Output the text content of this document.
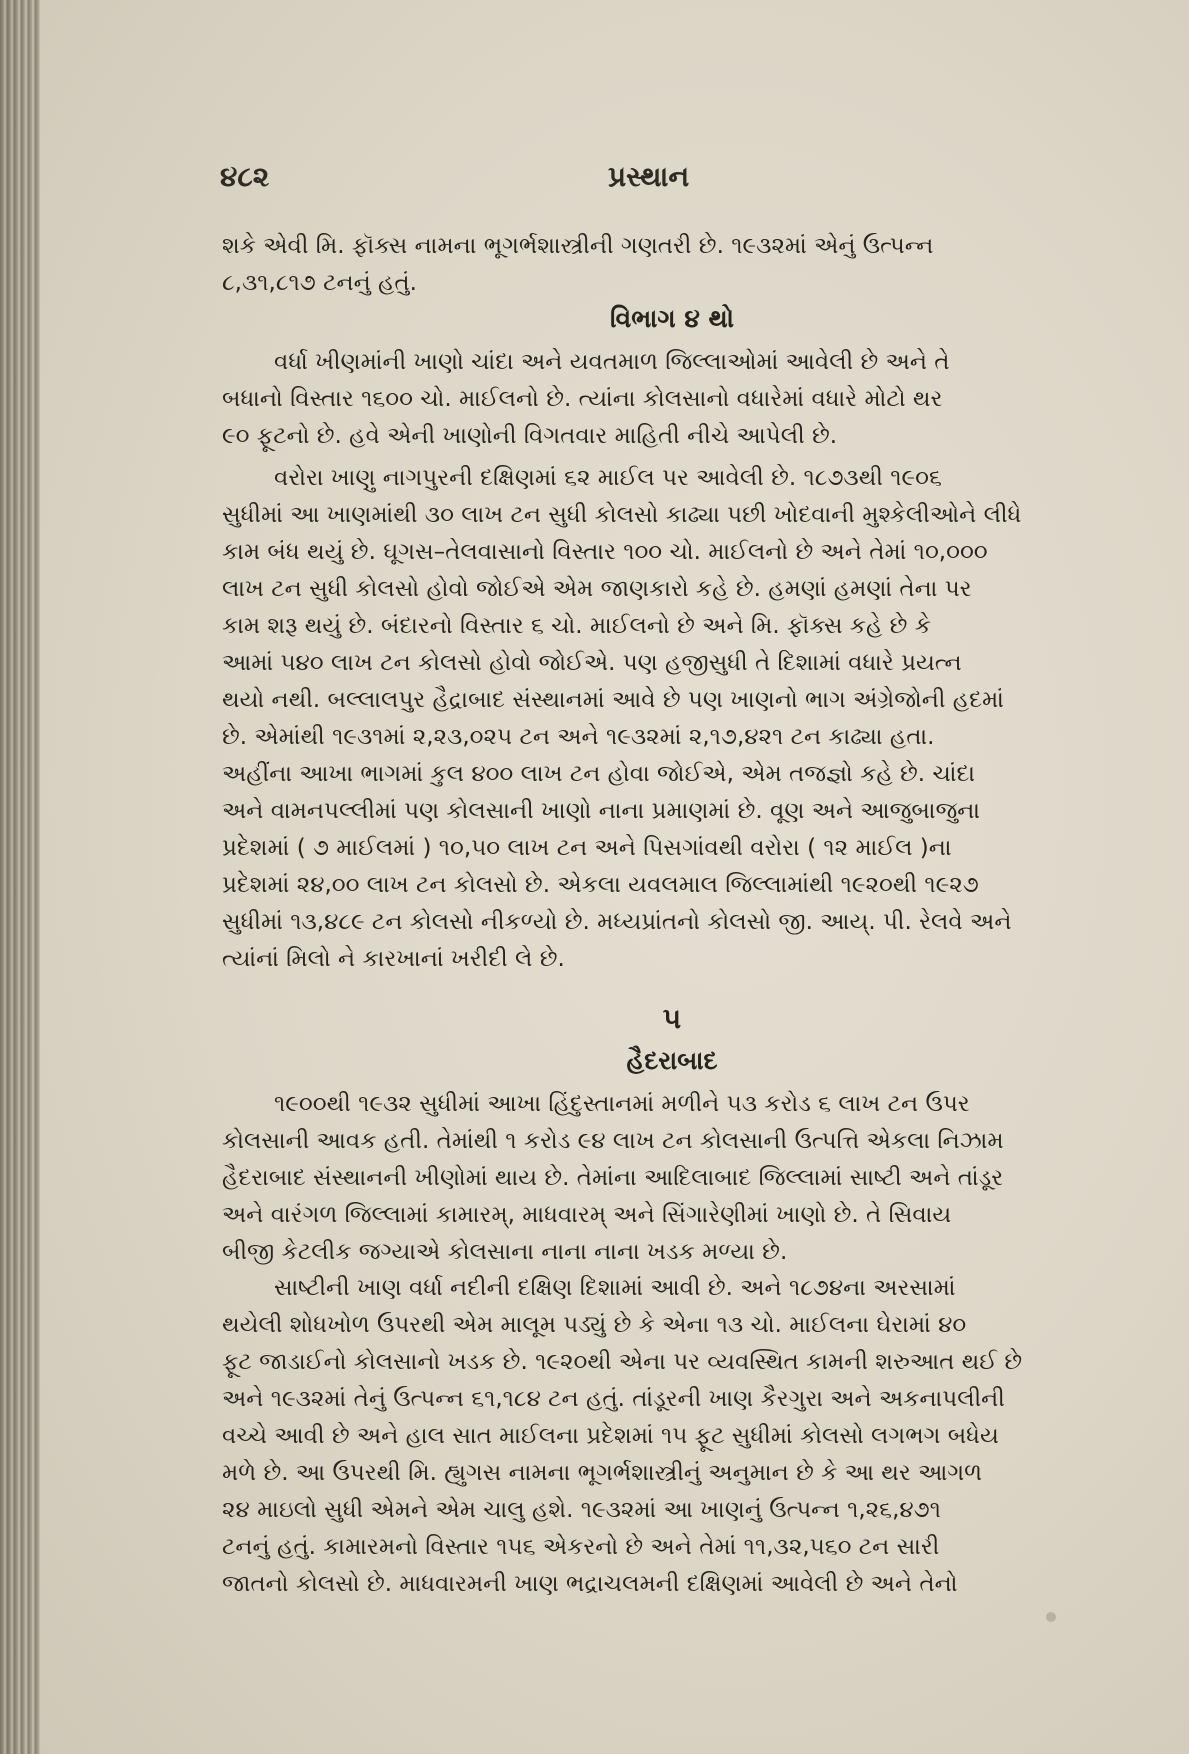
૪૮૨	પ્રસ્થાન
શકે એવી મિ. ફૉક્સ નામના ભૂગર્ભશાસ્ત્રીની ગણતરી છે. ૧૯૩૨માં એનું ઉત્પન્ન
૮,૩૧,૮૧૭ ટનનું હતું.
વિભાગ ૪ થો
વર્ધા ખીણમાંની ખાણો ચાંદા અને યવતમાળ જિલ્લાઓમાં આવેલી છે અને તે
બધાનો વિસ્તાર ૧૬૦૦ ચો. માઈલનો છે. ત્યાંના કોલસાનો વધારેમાં વધારે મોટો થર
૯૦ ફૂટનો છે. હવે એની ખાણોની વિગતવાર માહિતી નીચે આપેલી છે.
વરોરા ખાણુ નાગપુરની દક્ષિણમાં ૬૨ માઈલ પર આવેલી છે. ૧૮૭૩થી ૧૯૦૬
સુધીમાં આ ખાણમાંથી ૩૦ લાખ ટન સુધી કોલસો કાઢ્યા પછી ખોદવાની મુશ્કેલીઓને લીધે
કામ બંધ થયું છે. ઘૂગસ–તેલવાસાનો વિસ્તાર ૧૦૦ ચો. માઈલનો છે અને તેમાં ૧૦,૦૦૦
લાખ ટન સુધી કોલસો હોવો જોઈએ એમ જાણકારો કહે છે. હમણાં હમણાં તેના પર
કામ શરૂ થયું છે. બંદારનો વિસ્તાર ૬ ચો. માઈલનો છે અને મિ. ફૉક્સ કહે છે કે
આમાં ૫૪૦ લાખ ટન કોલસો હોવો જોઈએ. પણ હજીસુધી તે દિશામાં વધારે પ્રયત્ન
થયો નથી. બલ્લાલપુર હૈદ્રાબાદ સંસ્થાનમાં આવે છે પણ ખાણનો ભાગ અંગ્રેજોની હદમાં
છે. એમાંથી ૧૯૩૧માં ૨,૨૩,૦૨૫ ટન અને ૧૯૩૨માં ૨,૧૭,૪૨૧ ટન કાઢ્યા હતા.
અહીંના આખા ભાગમાં કુલ ૪૦૦ લાખ ટન હોવા જોઈએ, એમ તજજ્ઞો કહે છે. ચાંદા
અને વામનપલ્લીમાં પણ કોલસાની ખાણો નાના પ્રમાણમાં છે. વૂણ અને આજુબાજુના
પ્રદેશમાં ( ૭ માઈલમાં ) ૧૦,૫૦ લાખ ટન અને પિસગાંવથી વરોરા ( ૧૨ માઈલ )ના
પ્રદેશમાં ૨૪,૦૦ લાખ ટન કોલસો છે. એકલા યવલમાલ જિલ્લામાંથી ૧૯૨૦થી ૧૯૨૭
સુધીમાં ૧૩,૪૮૯ ટન કોલસો નીકળ્યો છે. મધ્યપ્રાંતનો કોલસો જી. આય્. પી. રેલવે અને
ત્યાંનાં મિલો ને કારખાનાં ખરીદી લે છે.
૫
હૈદરાબાદ
૧૯૦૦થી ૧૯૩૨ સુધીમાં આખા હિંદુસ્તાનમાં મળીને ૫૩ કરોડ ૬ લાખ ટન ઉપર
કોલસાની આવક હતી. તેમાંથી ૧ કરોડ ૯૪ લાખ ટન કોલસાની ઉત્પત્તિ એકલા નિઝામ
હૈદરાબાદ સંસ્થાનની ખીણોમાં થાય છે. તેમાંના આદિલાબાદ જિલ્લામાં સાષ્ટી અને તાંડૂર
અને વારંગળ જિલ્લામાં કામારમ્, માધવારમ્ અને સિંગારેણીમાં ખાણો છે. તે સિવાય
બીજી કેટલીક જગ્યાએ કોલસાના નાના નાના ખડક મળ્યા છે.
સાષ્ટીની ખાણ વર્ધા નદીની દક્ષિણ દિશામાં આવી છે. અને ૧૮૭૪ના અરસામાં
થયેલી શોધખોળ ઉપરથી એમ માલૂમ પડ્યું છે કે એના ૧૩ ચો. માઈલના ઘેરામાં ૪૦
ફૂટ જાડાઈનો કોલસાનો ખડક છે. ૧૯૨૦થી એના પર વ્યવસ્થિત કામની શરુઆત થઈ છે
અને ૧૯૩૨માં તેનું ઉત્પન્ન ૬૧,૧૮૪ ટન હતું. તાંડૂરની ખાણ કૈરગુરા અને અકનાપલીની
વચ્ચે આવી છે અને હાલ સાત માઈલના પ્રદેશમાં ૧૫ ફૂટ સુધીમાં કોલસો લગભગ બધેય
મળે છે. આ ઉપરથી મિ. હ્યુગસ નામના ભૂગર્ભશાસ્ત્રીનું અનુમાન છે કે આ થર આગળ
૨૪ માઇલો સુધી એમને એમ ચાલુ હશે. ૧૯૩૨માં આ ખાણનું ઉત્પન્ન ૧,૨૬,૪૭૧
ટનનું હતું. કામારમનો વિસ્તાર ૧૫૬ એકરનો છે અને તેમાં ૧૧,૩૨,૫૬૦ ટન સારી
જાતનો કોલસો છે. માધવારમની ખાણ ભદ્રાચલમની દક્ષિણમાં આવેલી છે અને તેનો
